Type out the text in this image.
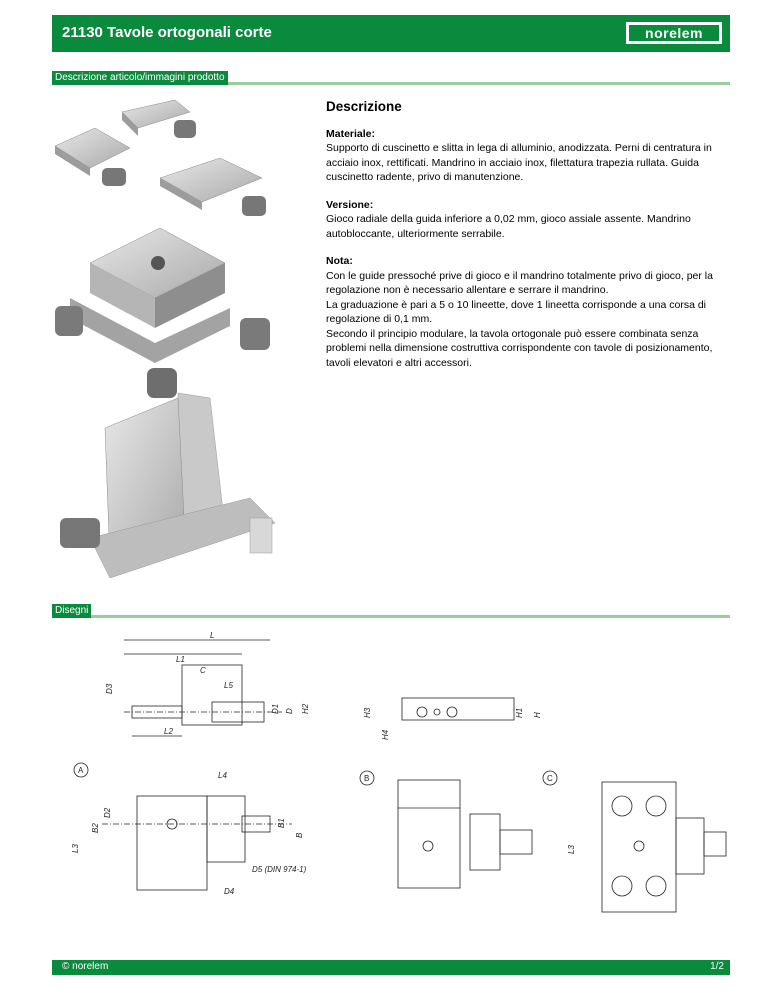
21130 Tavole ortogonali corte	norelem
Descrizione articolo/immagini prodotto
Descrizione
Materiale:
Supporto di cuscinetto e slitta in lega di alluminio, anodizzata. Perni di centratura in acciaio inox, rettificati. Mandrino in acciaio inox, filettatura trapezia rullata. Guida cuscinetto radente, privo di manutenzione.
Versione:
Gioco radiale della guida inferiore a 0,02 mm, gioco assiale assente. Mandrino autobloccante, ulteriormente serrabile.
Nota:
Con le guide pressoché prive di gioco e il mandrino totalmente privo di gioco, per la regolazione non è necessario allentare e serrare il mandrino.
La graduazione è pari a 5 o 10 lineette, dove 1 lineetta corrisponde a una corsa di regolazione di 0,1 mm.
Secondo il principio modulare, la tavola ortogonale può essere combinata senza problemi nella dimensione costruttiva corrispondente con tavole di posizionamento, tavoli elevatori e altri accessori.
Disegni
L
L1
C
L5
D3
D1 D H2
L2
H3
H4
H1 H
A
L4
L3
D2
B2
B1
B
D5 (DIN 974-1)
D4
B	C
L3
© norelem	1/2
